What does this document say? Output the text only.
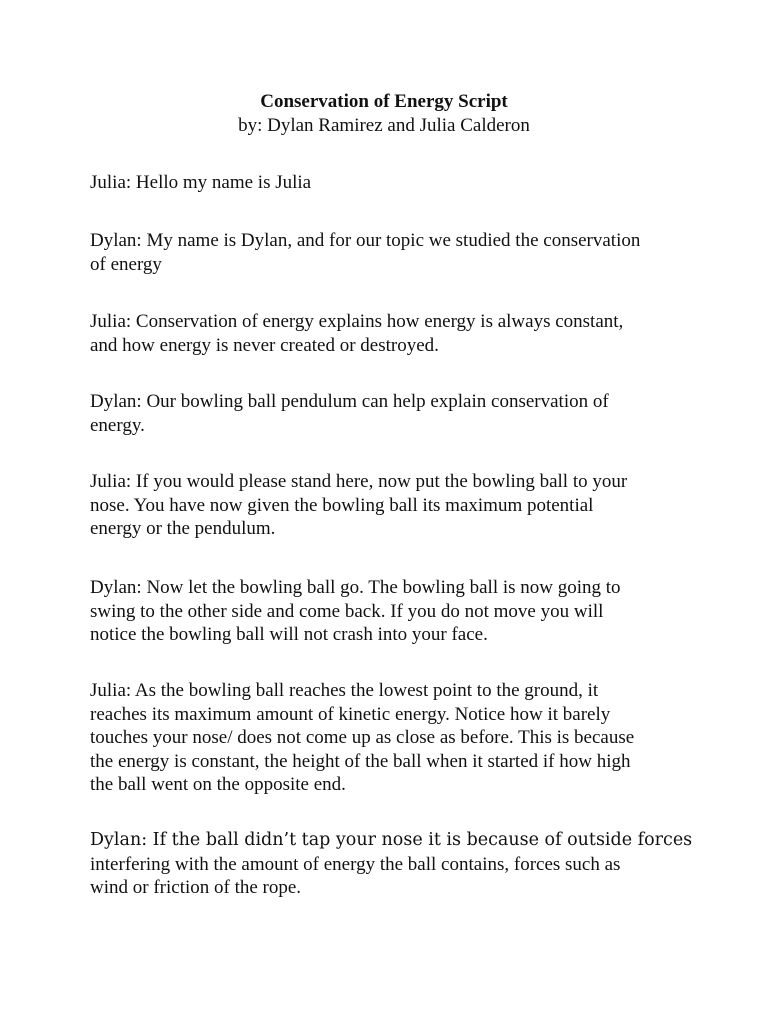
Conservation of Energy Script
by: Dylan Ramirez and Julia Calderon
Julia: Hello my name is Julia
Dylan: My name is Dylan, and for our topic we studied the conservation
of energy
Julia: Conservation of energy explains how energy is always constant,
and how energy is never created or destroyed.
Dylan: Our bowling ball pendulum can help explain conservation of
energy.
Julia: If you would please stand here, now put the bowling ball to your
nose. You have now given the bowling ball its maximum potential
energy or the pendulum.
Dylan: Now let the bowling ball go. The bowling ball is now going to
swing to the other side and come back. If you do not move you will
notice the bowling ball will not crash into your face.
Julia: As the bowling ball reaches the lowest point to the ground, it
reaches its maximum amount of kinetic energy. Notice how it barely
touches your nose/ does not come up as close as before. This is because
the energy is constant, the height of the ball when it started if how high
the ball went on the opposite end.
Dylan: If the ball didn’t tap your nose it is because of outside forces
interfering with the amount of energy the ball contains, forces such as
wind or friction of the rope.
